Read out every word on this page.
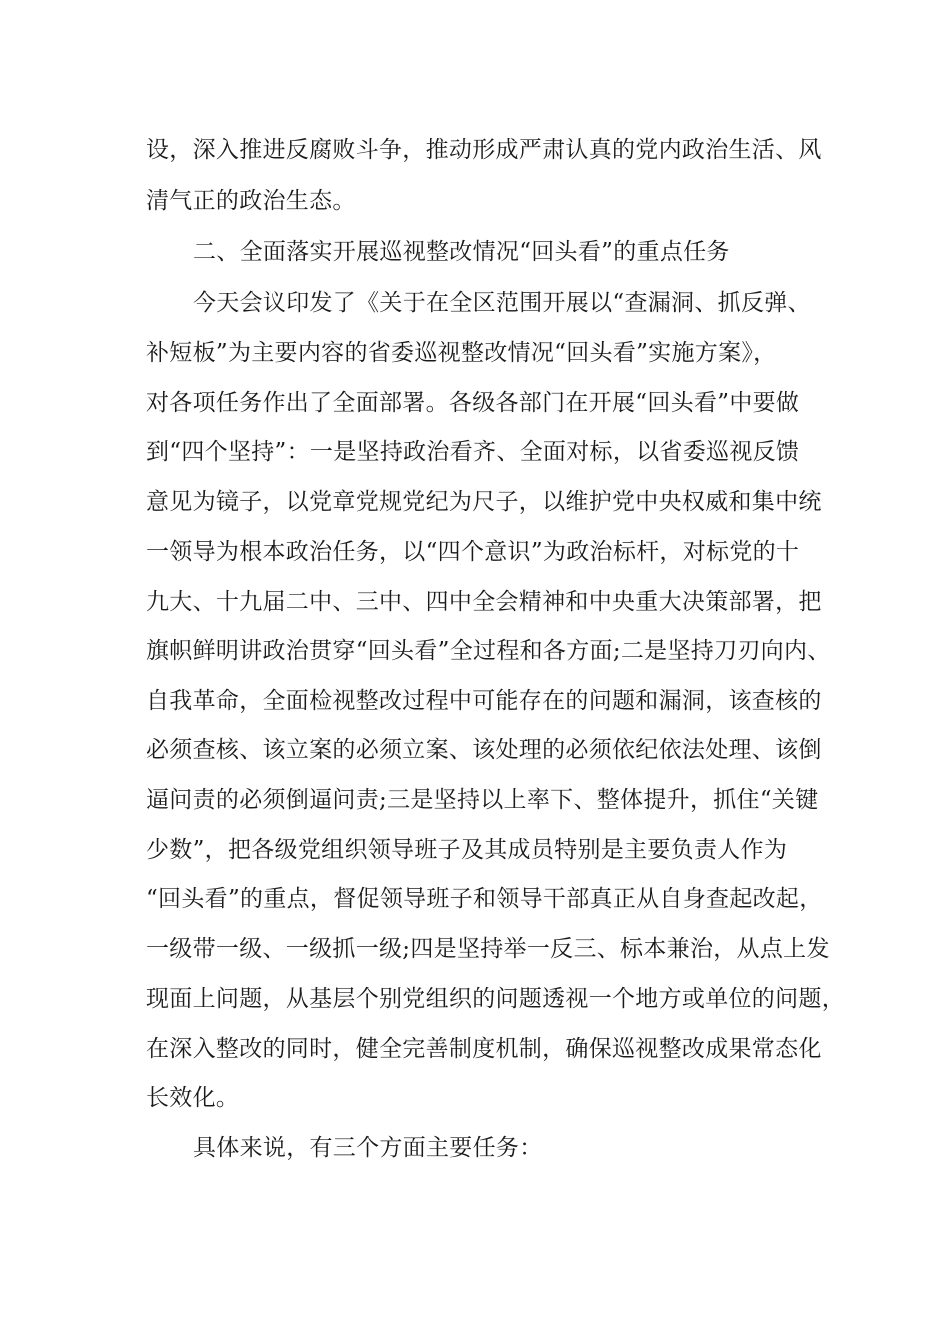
设，深入推进反腐败斗争，推动形成严肃认真的党内政治生活、风
清气正的政治生态。
二、全面落实开展巡视整改情况“回头看”的重点任务
今天会议印发了《关于在全区范围开展以“查漏洞、抓反弹、
补短板”为主要内容的省委巡视整改情况“回头看”实施方案》，
对各项任务作出了全面部署。各级各部门在开展“回头看”中要做
到“四个坚持”：一是坚持政治看齐、全面对标，以省委巡视反馈
意见为镜子，以党章党规党纪为尺子，以维护党中央权威和集中统
一领导为根本政治任务，以“四个意识”为政治标杆，对标党的十
九大、十九届二中、三中、四中全会精神和中央重大决策部署，把
旗帜鲜明讲政治贯穿“回头看”全过程和各方面;二是坚持刀刃向内、
自我革命，全面检视整改过程中可能存在的问题和漏洞，该查核的
必须查核、该立案的必须立案、该处理的必须依纪依法处理、该倒
逼问责的必须倒逼问责;三是坚持以上率下、整体提升，抓住“关键
少数”，把各级党组织领导班子及其成员特别是主要负责人作为
“回头看”的重点，督促领导班子和领导干部真正从自身查起改起，
一级带一级、一级抓一级;四是坚持举一反三、标本兼治，从点上发
现面上问题，从基层个别党组织的问题透视一个地方或单位的问题，
在深入整改的同时，健全完善制度机制，确保巡视整改成果常态化
长效化。
具体来说，有三个方面主要任务：
